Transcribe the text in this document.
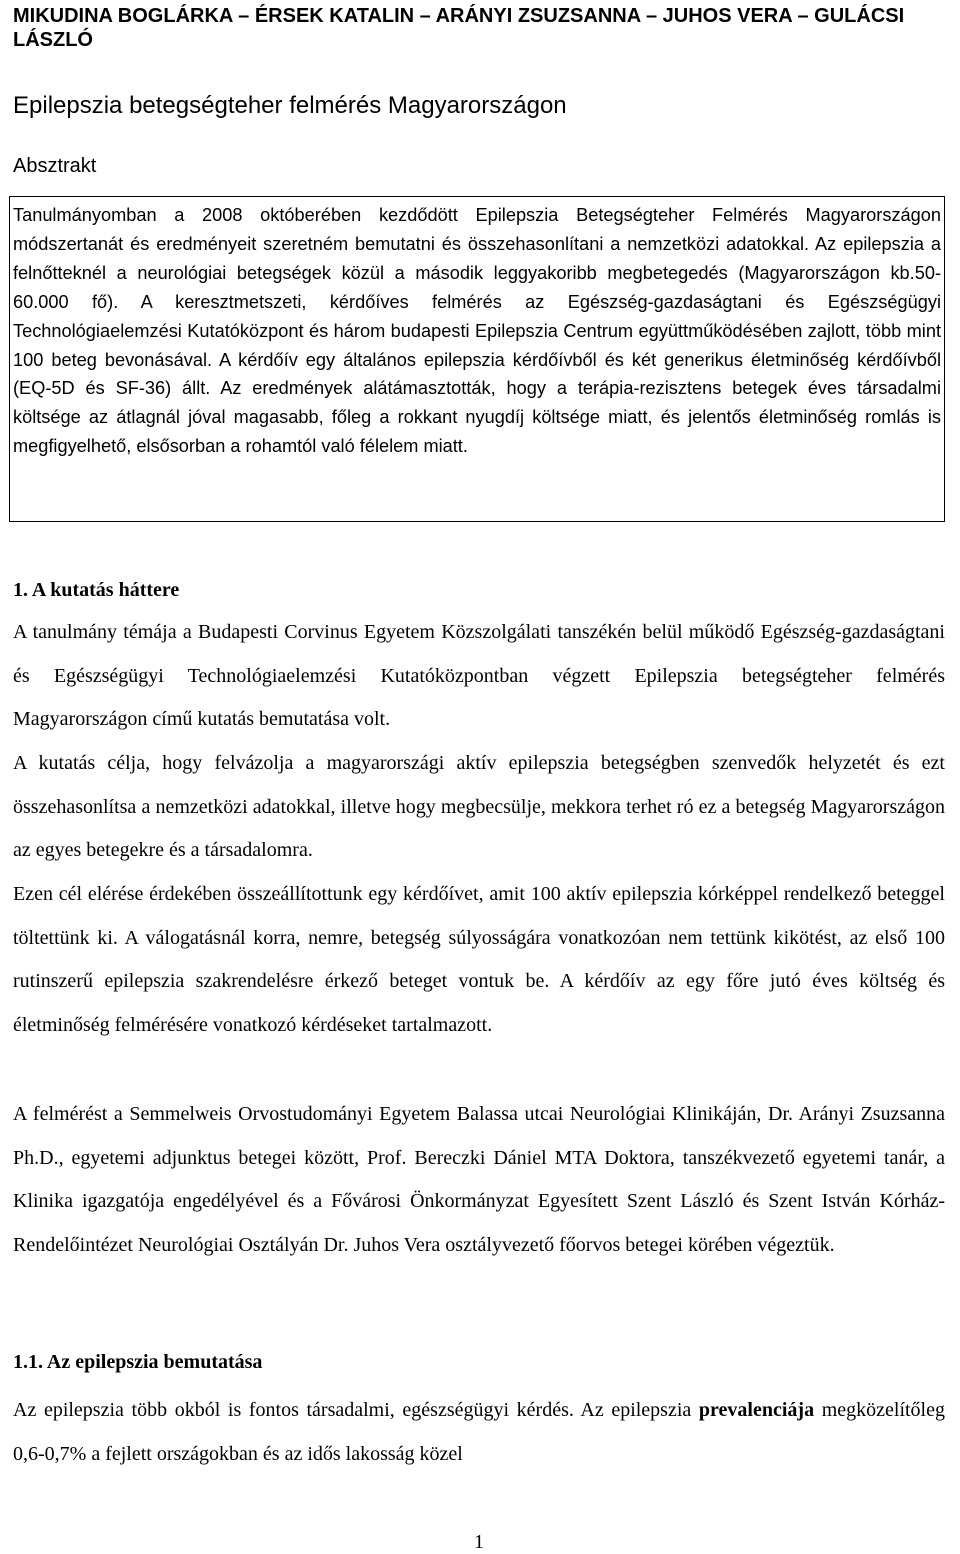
MIKUDINA BOGLÁRKA – ÉRSEK KATALIN – ARÁNYI ZSUZSANNA – JUHOS VERA – GULÁCSI LÁSZLÓ
Epilepszia betegségteher felmérés Magyarországon
Absztrakt

Tanulmányomban a 2008 októberében kezdődött Epilepszia Betegségteher Felmérés Magyarországon módszertanát és eredményeit szeretném bemutatni és összehasonlítani a nemzetközi adatokkal. Az epilepszia a felnőtteknél a neurológiai betegségek közül a második leggyakoribb megbetegedés (Magyarországon kb.50-60.000 fő). A keresztmetszeti, kérdőíves felmérés az Egészség-gazdaságtani és Egészségügyi Technológiaelemzési Kutatóközpont és három budapesti Epilepszia Centrum együttműködésében zajlott, több mint 100 beteg bevonásával. A kérdőív egy általános epilepszia kérdőívből és két generikus életminőség kérdőívből (EQ-5D és SF-36) állt. Az eredmények alátámasztották, hogy a terápia-rezisztens betegek éves társadalmi költsége az átlagnál jóval magasabb, főleg a rokkant nyugdíj költsége miatt, és jelentős életminőség romlás is megfigyelhető, elsősorban a rohamtól való félelem miatt.

1. A kutatás háttere

A tanulmány témája a Budapesti Corvinus Egyetem Közszolgálati tanszékén belül működő Egészség-gazdaságtani és Egészségügyi Technológiaelemzési Kutatóközpontban végzett Epilepszia betegségteher felmérés Magyarországon című kutatás bemutatása volt.

A kutatás célja, hogy felvázolja a magyarországi aktív epilepszia betegségben szenvedők helyzetét és ezt összehasonlítsa a nemzetközi adatokkal, illetve hogy megbecsülje, mekkora terhet ró ez a betegség Magyarországon az egyes betegekre és a társadalomra.

Ezen cél elérése érdekében összeállítottunk egy kérdőívet, amit 100 aktív epilepszia kórképpel rendelkező beteggel töltettünk ki. A válogatásnál korra, nemre, betegség súlyosságára vonatkozóan nem tettünk kikötést, az első 100 rutinszerű epilepszia szakrendelésre érkező beteget vontuk be. A kérdőív az egy főre jutó éves költség és életminőség felmérésére vonatkozó kérdéseket tartalmazott.

A felmérést a Semmelweis Orvostudományi Egyetem Balassa utcai Neurológiai Klinikáján, Dr. Arányi Zsuzsanna Ph.D., egyetemi adjunktus betegei között, Prof. Bereczki Dániel MTA Doktora, tanszékvezető egyetemi tanár, a Klinika igazgatója engedélyével és a Fővárosi Önkormányzat Egyesített Szent László és Szent István Kórház- Rendelőintézet Neurológiai Osztályán Dr. Juhos Vera osztályvezető főorvos betegei körében végeztük.

1.1. Az epilepszia bemutatása

Az epilepszia több okból is fontos társadalmi, egészségügyi kérdés. Az epilepszia prevalenciája megközelítőleg 0,6-0,7% a fejlett országokban és az idős lakosság közel

1
